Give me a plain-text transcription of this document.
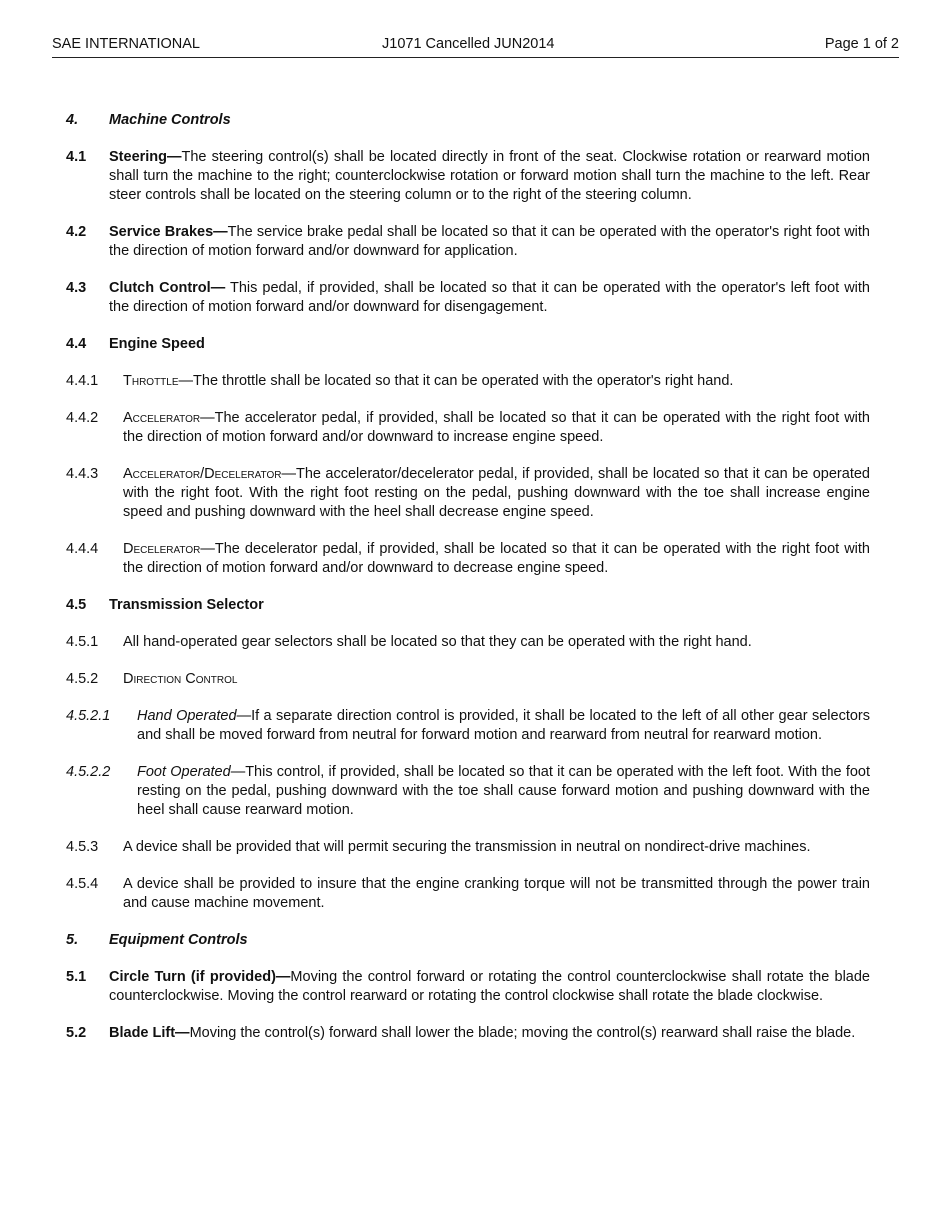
SAE INTERNATIONAL	J1071 Cancelled JUN2014	Page 1 of 2
4. Machine Controls
4.1 Steering—The steering control(s) shall be located directly in front of the seat. Clockwise rotation or rearward motion shall turn the machine to the right; counterclockwise rotation or forward motion shall turn the machine to the left. Rear steer controls shall be located on the steering column or to the right of the steering column.
4.2 Service Brakes—The service brake pedal shall be located so that it can be operated with the operator's right foot with the direction of motion forward and/or downward for application.
4.3 Clutch Control— This pedal, if provided, shall be located so that it can be operated with the operator's left foot with the direction of motion forward and/or downward for disengagement.
4.4 Engine Speed
4.4.1 Throttle—The throttle shall be located so that it can be operated with the operator's right hand.
4.4.2 Accelerator—The accelerator pedal, if provided, shall be located so that it can be operated with the right foot with the direction of motion forward and/or downward to increase engine speed.
4.4.3 Accelerator/Decelerator—The accelerator/decelerator pedal, if provided, shall be located so that it can be operated with the right foot. With the right foot resting on the pedal, pushing downward with the toe shall increase engine speed and pushing downward with the heel shall decrease engine speed.
4.4.4 Decelerator—The decelerator pedal, if provided, shall be located so that it can be operated with the right foot with the direction of motion forward and/or downward to decrease engine speed.
4.5 Transmission Selector
4.5.1 All hand-operated gear selectors shall be located so that they can be operated with the right hand.
4.5.2 Direction Control
4.5.2.1 Hand Operated—If a separate direction control is provided, it shall be located to the left of all other gear selectors and shall be moved forward from neutral for forward motion and rearward from neutral for rearward motion.
4.5.2.2 Foot Operated—This control, if provided, shall be located so that it can be operated with the left foot. With the foot resting on the pedal, pushing downward with the toe shall cause forward motion and pushing downward with the heel shall cause rearward motion.
4.5.3 A device shall be provided that will permit securing the transmission in neutral on nondirect-drive machines.
4.5.4 A device shall be provided to insure that the engine cranking torque will not be transmitted through the power train and cause machine movement.
5. Equipment Controls
5.1 Circle Turn (if provided)—Moving the control forward or rotating the control counterclockwise shall rotate the blade counterclockwise. Moving the control rearward or rotating the control clockwise shall rotate the blade clockwise.
5.2 Blade Lift—Moving the control(s) forward shall lower the blade; moving the control(s) rearward shall raise the blade.
